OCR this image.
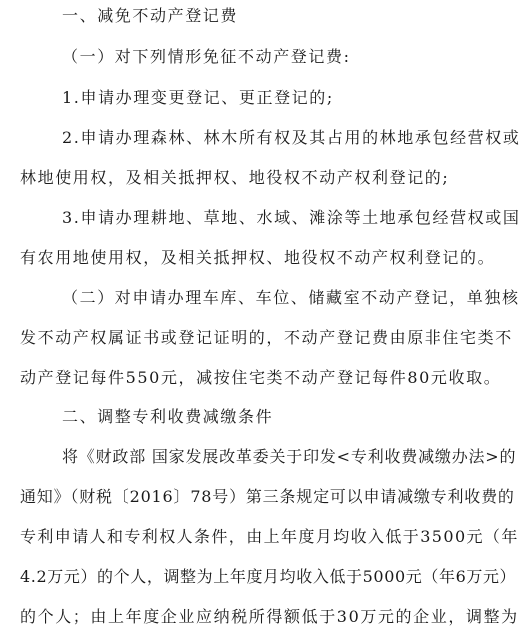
一、减免不动产登记费
（一）对下列情形免征不动产登记费:
1.申请办理变更登记、更正登记的;
2.申请办理森林、林木所有权及其占用的林地承包经营权或
林地使用权，及相关抵押权、地役权不动产权利登记的;
3.申请办理耕地、草地、水域、滩涂等土地承包经营权或国
有农用地使用权，及相关抵押权、地役权不动产权利登记的。
（二）对申请办理车库、车位、储藏室不动产登记，单独核
发不动产权属证书或登记证明的，不动产登记费由原非住宅类不
动产登记每件550元，减按住宅类不动产登记每件80元收取。
二、调整专利收费减缴条件
将《财政部 国家发展改革委关于印发<专利收费减缴办法>的
通知》（财税〔2016〕78号）第三条规定可以申请减缴专利收费的
专利申请人和专利权人条件，由上年度月均收入低于3500元（年
4.2万元）的个人，调整为上年度月均收入低于5000元（年6万元）
的个人；由上年度企业应纳税所得额低于30万元的企业，调整为
